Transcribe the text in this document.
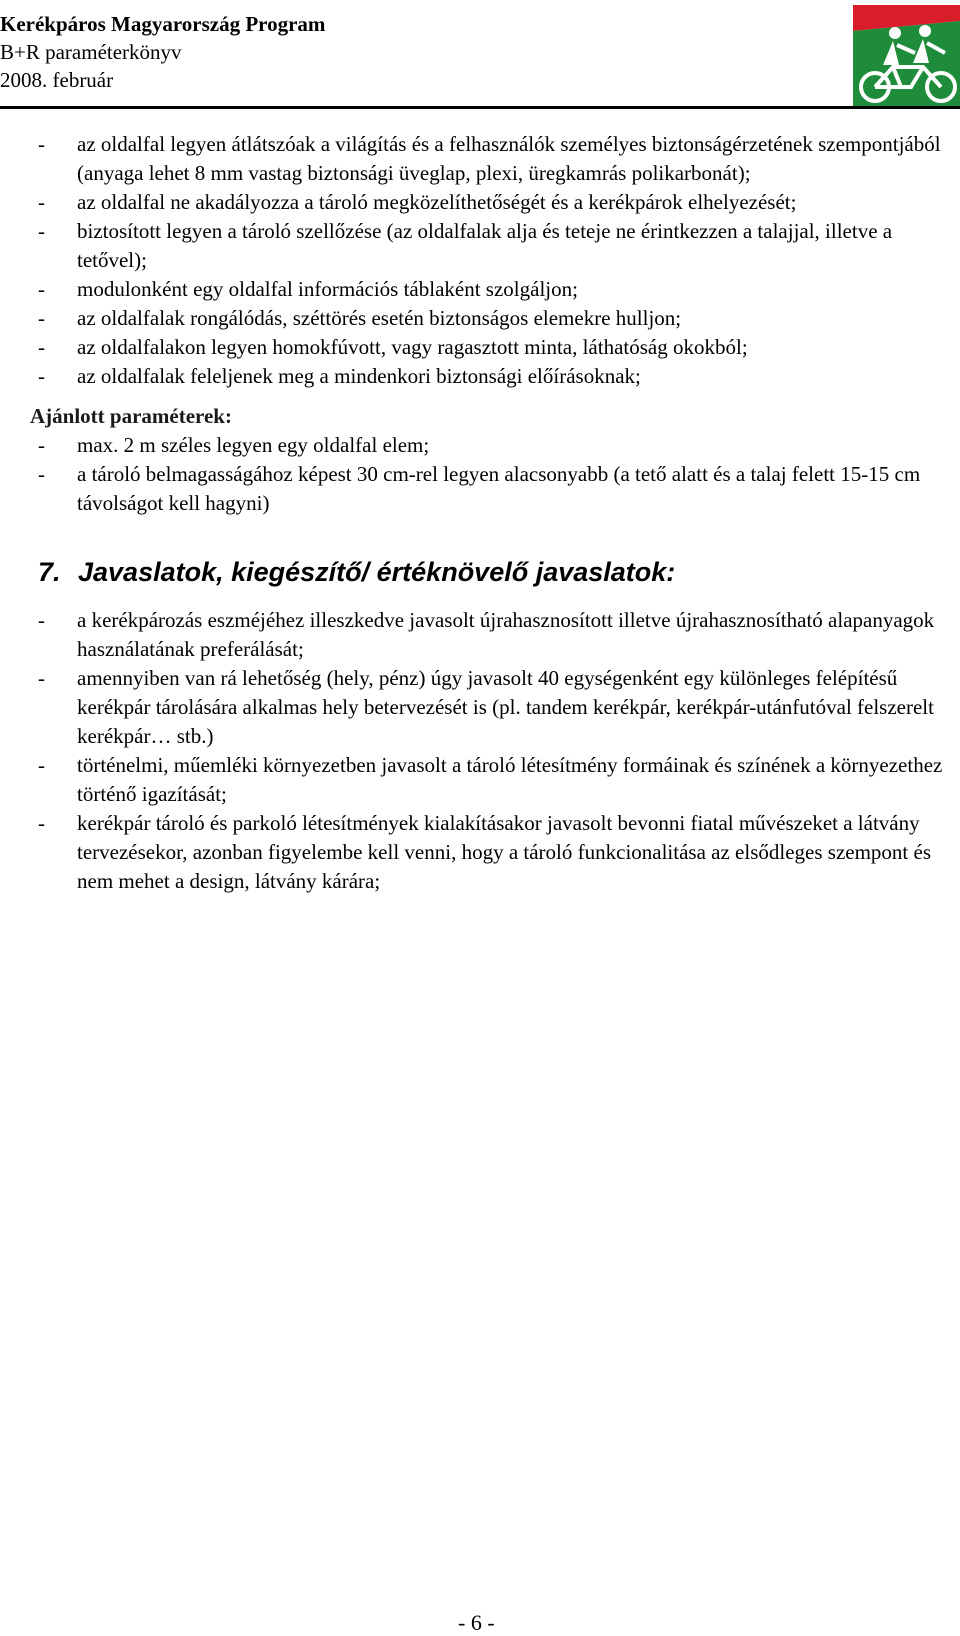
Kerékpáros Magyarország Program
B+R paraméterkönyv
2008. február

- az oldalfal legyen átlátszóak a világítás és a felhasználók személyes biztonságérzetének szempontjából (anyaga lehet 8 mm vastag biztonsági üveglap, plexi, üregkamrás polikarbonát);

- az oldalfal ne akadályozza a tároló megközelíthetőségét és a kerékpárok elhelyezését;

- biztosított legyen a tároló szellőzése (az oldalfalak alja és teteje ne érintkezzen a talajjal, illetve a tetővel);

- modulonként egy oldalfal információs táblaként szolgáljon;

- az oldalfalak rongálódás, széttörés esetén biztonságos elemekre hulljon;

- az oldalfalakon legyen homokfúvott, vagy ragasztott minta, láthatóság okokból;

- az oldalfalak feleljenek meg a mindenkori biztonsági előírásoknak;

Ajánlott paraméterek:

- max. 2 m széles legyen egy oldalfal elem;

- a tároló belmagasságához képest 30 cm-rel legyen alacsonyabb (a tető alatt és a talaj felett 15-15 cm távolságot kell hagyni)

7. Javaslatok, kiegészítő/ értéknövelő javaslatok:

- a kerékpározás eszméjéhez illeszkedve javasolt újrahasznosított illetve újrahasznosítható alapanyagok használatának preferálását;

- amennyiben van rá lehetőség (hely, pénz) úgy javasolt 40 egységenként egy különleges felépítésű kerékpár tárolására alkalmas hely betervezését is (pl. tandem kerékpár, kerékpár-utánfutóval felszerelt kerékpár… stb.)

- történelmi, műemléki környezetben javasolt a tároló létesítmény formáinak és színének a környezethez történő igazítását;

- kerékpár tároló és parkoló létesítmények kialakításakor javasolt bevonni fiatal művészeket a látvány tervezésekor, azonban figyelembe kell venni, hogy a tároló funkcionalitása az elsődleges szempont és nem mehet a design, látvány kárára;

- 6 -
